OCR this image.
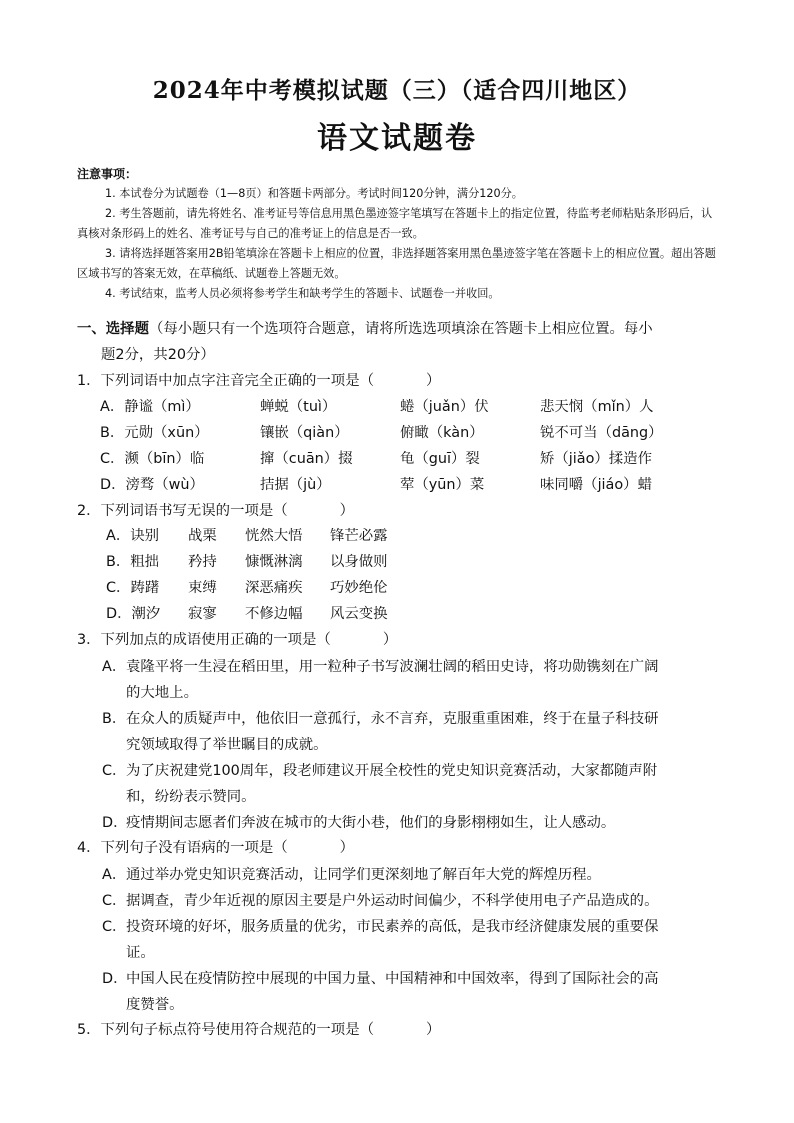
2024年中考模拟试题（三）（适合四川地区）
语文试题卷
注意事项：

1. 本试卷分为试题卷（1—8页）和答题卡两部分。考试时间120分钟，满分120分。

2. 考生答题前，请先将姓名、准考证号等信息用黑色墨迹签字笔填写在答题卡上的指定位置，待监考老师粘贴条形码后，认真核对条形码上的姓名、准考证号与自己的准考证上的信息是否一致。

3. 请将选择题答案用2B铅笔填涂在答题卡上相应的位置，非选择题答案用黑色墨迹签字笔在答题卡上的相应位置。超出答题区域书写的答案无效，在草稿纸、试题卷上答题无效。

4. 考试结束，监考人员必须将参考学生和缺考学生的答题卡、试题卷一并收回。

一、选择题（每小题只有一个选项符合题意，请将所选选项填涂在答题卡上相应位置。每小
题2分，共20分）
1．下列词语中加点字注音完全正确的一项是（	）
A．静谧（mì）	蝉蜕（tuì）	蜷（juǎn）伏	悲天悯（mǐn）人
B．元勋（xūn）	镶嵌（qiàn）	俯瞰（kàn）	锐不可当（dāng）
C．濒（bīn）临	撺（cuān）掇	龟（guī）裂	矫（jiǎo）揉造作
D．滂骛（wù）	拮据（jù）	荤（yūn）菜	味同嚼（jiáo）蜡
2．下列词语书写无误的一项是（	）
A．诀别 战栗 恍然大悟 锋芒必露
B．粗拙 矜持 慷慨淋漓 以身做则
C．踌躇 束缚 深恶痛疾 巧妙绝伦
D．潮汐 寂寥 不修边幅 风云变换
3．下列加点的成语使用正确的一项是（	）
A． 袁隆平将一生浸在稻田里，用一粒种子书写波澜壮阔的稻田史诗，将功勋镌刻在广阔
的大地上。
B． 在众人的质疑声中，他依旧一意孤行，永不言弃，克服重重困难，终于在量子科技研
究领域取得了举世瞩目的成就。
C． 为了庆祝建党100周年，段老师建议开展全校性的党史知识竞赛活动，大家都随声附
和，纷纷表示赞同。
D．
疫情期间志愿者们奔波在城市的大街小巷，他们的身影栩栩如生，让人感动。
4．下列句子没有语病的一项是（	）
A． 通过举办党史知识竞赛活动，让同学们更深刻地了解百年大党的辉煌历程。
C． 据调查，青少年近视的原因主要是户外运动时间偏少，不科学使用电子产品造成的。
C． 投资环境的好坏，服务质量的优劣，市民素养的高低，是我市经济健康发展的重要保
证。
D．
中国人民在疫情防控中展现的中国力量、中国精神和中国效率，得到了国际社会的高
度赞誉。
5．下列句子标点符号使用符合规范的一项是（	）
